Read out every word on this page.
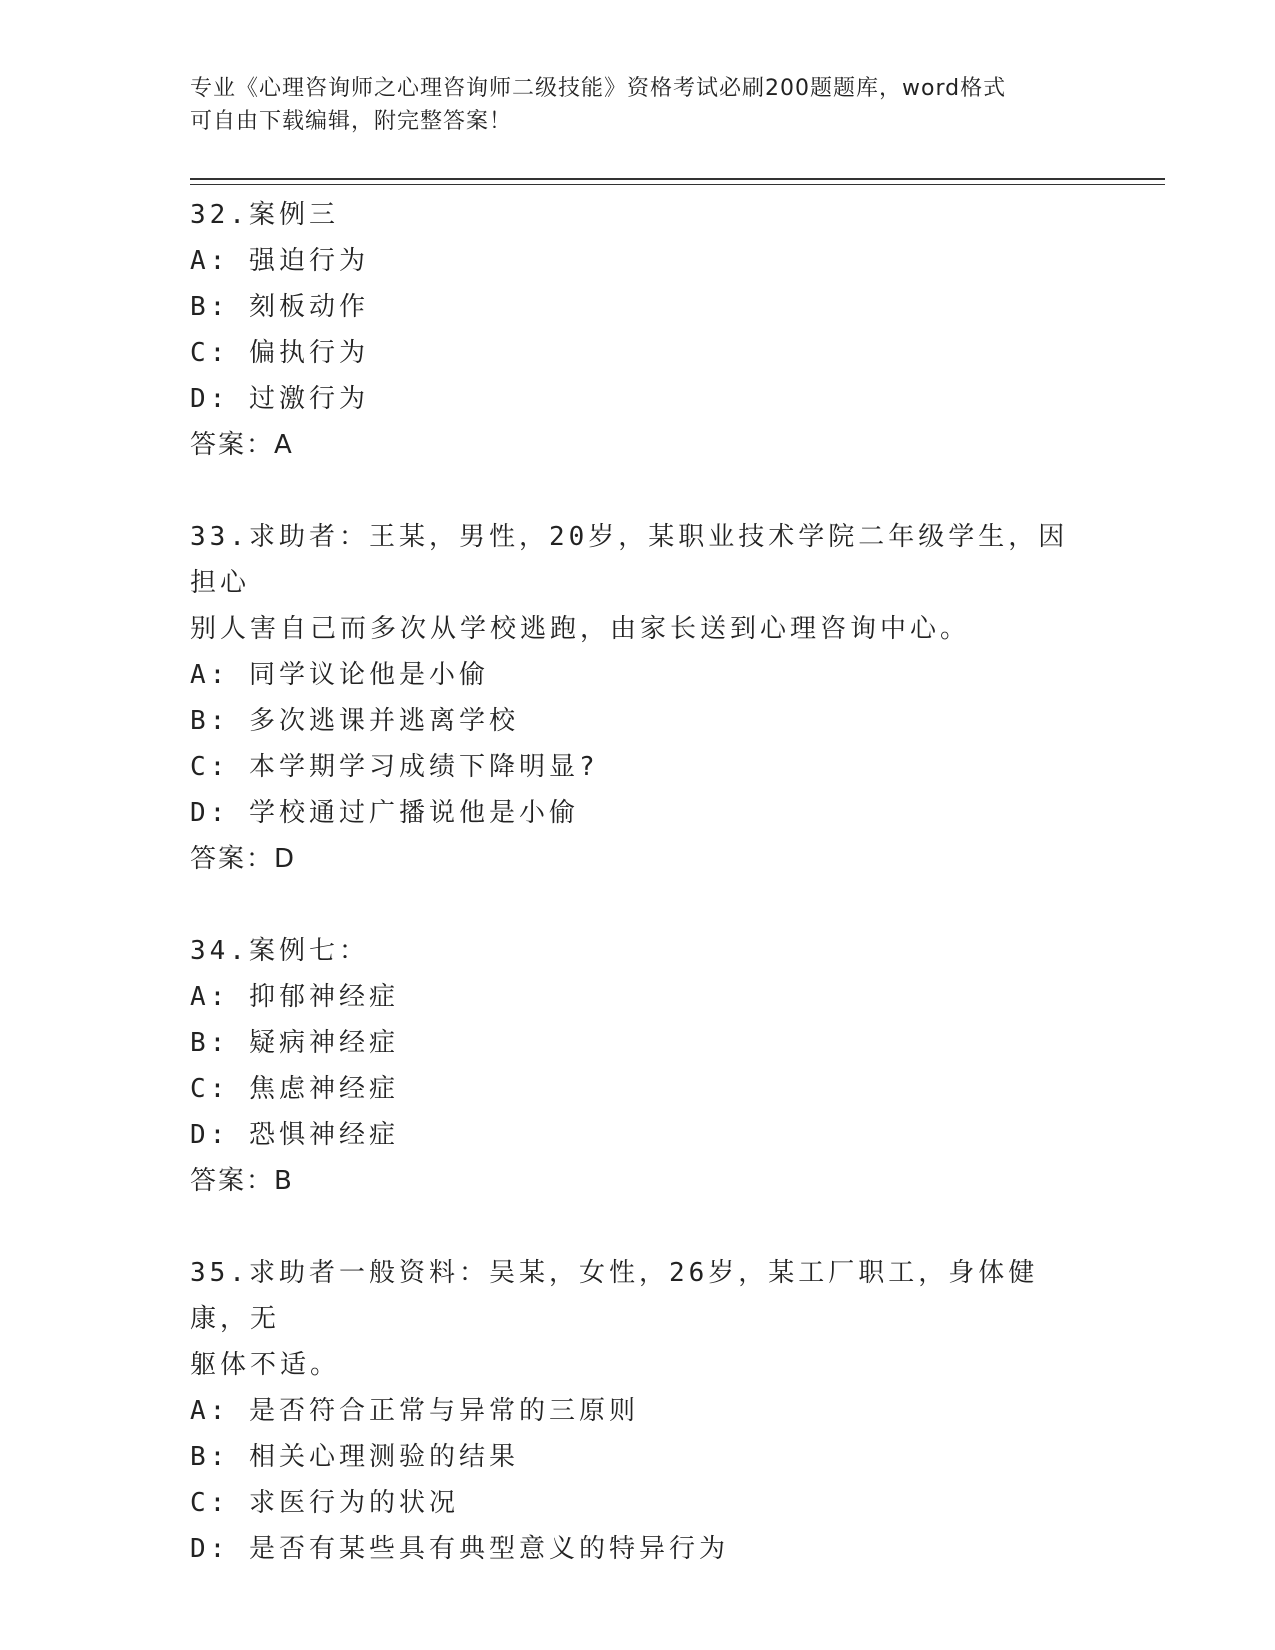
专业《心理咨询师之心理咨询师二级技能》资格考试必刷200题题库，word格式
可自由下载编辑，附完整答案！
32.案例三
A: 强迫行为
B: 刻板动作
C: 偏执行为
D: 过激行为
答案：A
33.求助者：王某，男性，20岁，某职业技术学院二年级学生，因担心
别人害自己而多次从学校逃跑，由家长送到心理咨询中心。
A: 同学议论他是小偷
B: 多次逃课并逃离学校
C: 本学期学习成绩下降明显?
D: 学校通过广播说他是小偷
答案：D
34.案例七：
A: 抑郁神经症
B: 疑病神经症
C: 焦虑神经症
D: 恐惧神经症
答案：B
35.求助者一般资料：吴某，女性，26岁，某工厂职工，身体健康，无
躯体不适。
A: 是否符合正常与异常的三原则
B: 相关心理测验的结果
C: 求医行为的状况
D: 是否有某些具有典型意义的特异行为
